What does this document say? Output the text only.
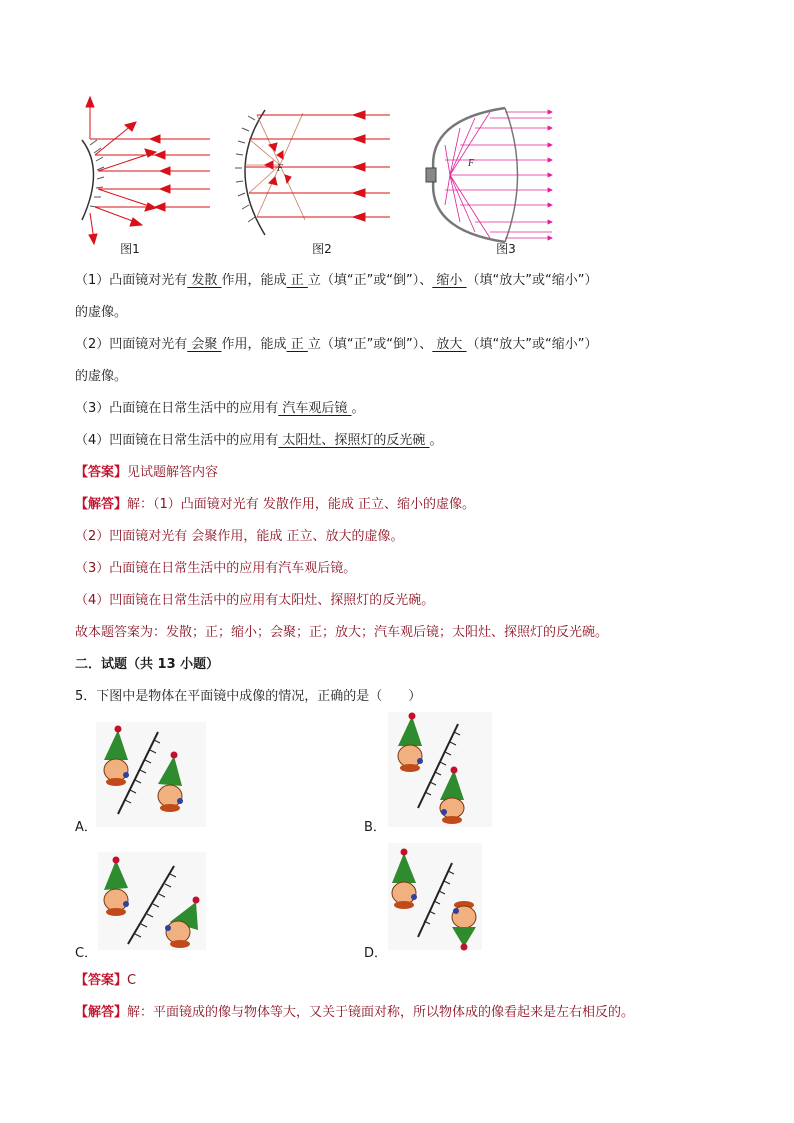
图1
F
图2
F
图3
（1）凸面镜对光有 发散 作用，能成 正 立（填“正”或“倒”）、 缩小 （填“放大”或“缩小”）
的虚像。
（2）凹面镜对光有 会聚 作用，能成 正 立（填“正”或“倒”）、 放大 （填“放大”或“缩小”）
的虚像。
（3）凸面镜在日常生活中的应用有 汽车观后镜 。
（4）凹面镜在日常生活中的应用有 太阳灶、探照灯的反光碗 。
【答案】见试题解答内容
【解答】解：（1）凸面镜对光有 发散作用，能成 正立、缩小的虚像。
（2）凹面镜对光有 会聚作用，能成 正立、放大的虚像。
（3）凸面镜在日常生活中的应用有汽车观后镜。
（4）凹面镜在日常生活中的应用有太阳灶、探照灯的反光碗。
故本题答案为：发散；正；缩小；会聚；正；放大；汽车观后镜；太阳灶、探照灯的反光碗。
二．试题（共 13 小题）
5．下图中是物体在平面镜中成像的情况，正确的是（　　）
A．	B．
C．	D．
【答案】C
【解答】解：平面镜成的像与物体等大，又关于镜面对称，所以物体成的像看起来是左右相反的。
